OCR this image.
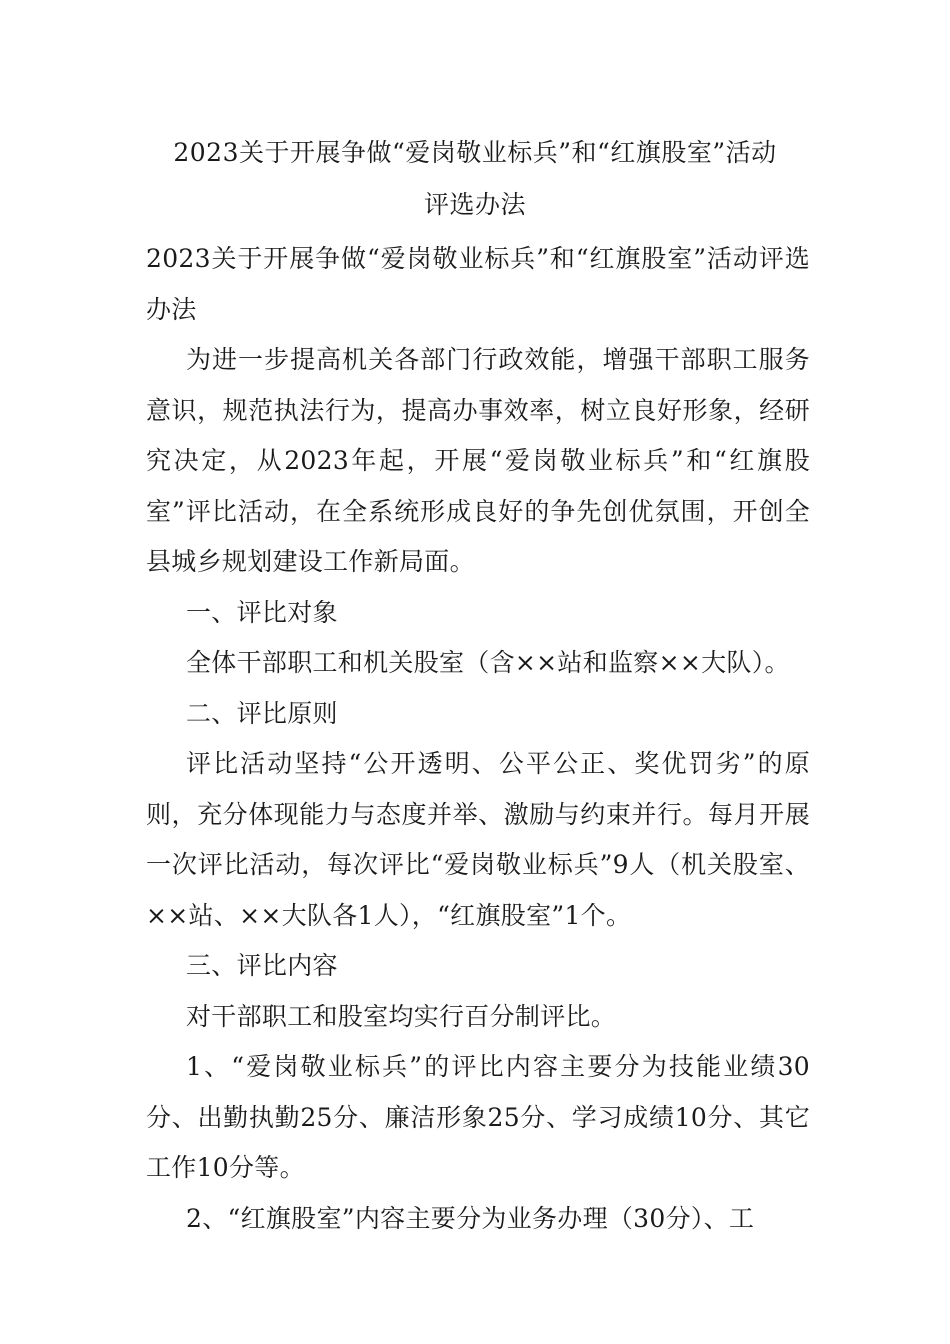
2023关于开展争做“爱岗敬业标兵”和“红旗股室”活动
评选办法

2023关于开展争做“爱岗敬业标兵”和“红旗股室”活动评选办法

为进一步提高机关各部门行政效能，增强干部职工服务意识，规范执法行为，提高办事效率，树立良好形象，经研究决定，从2023年起，开展“爱岗敬业标兵”和“红旗股室”评比活动，在全系统形成良好的争先创优氛围，开创全县城乡规划建设工作新局面。

一、评比对象

全体干部职工和机关股室（含××站和监察××大队）。

二、评比原则

评比活动坚持“公开透明、公平公正、奖优罚劣”的原则，充分体现能力与态度并举、激励与约束并行。每月开展一次评比活动，每次评比“爱岗敬业标兵”9人（机关股室、××站、××大队各1人），“红旗股室”1个。

三、评比内容

对干部职工和股室均实行百分制评比。

1、“爱岗敬业标兵”的评比内容主要分为技能业绩30分、出勤执勤25分、廉洁形象25分、学习成绩10分、其它工作10分等。

2、“红旗股室”内容主要分为业务办理（30分）、工
